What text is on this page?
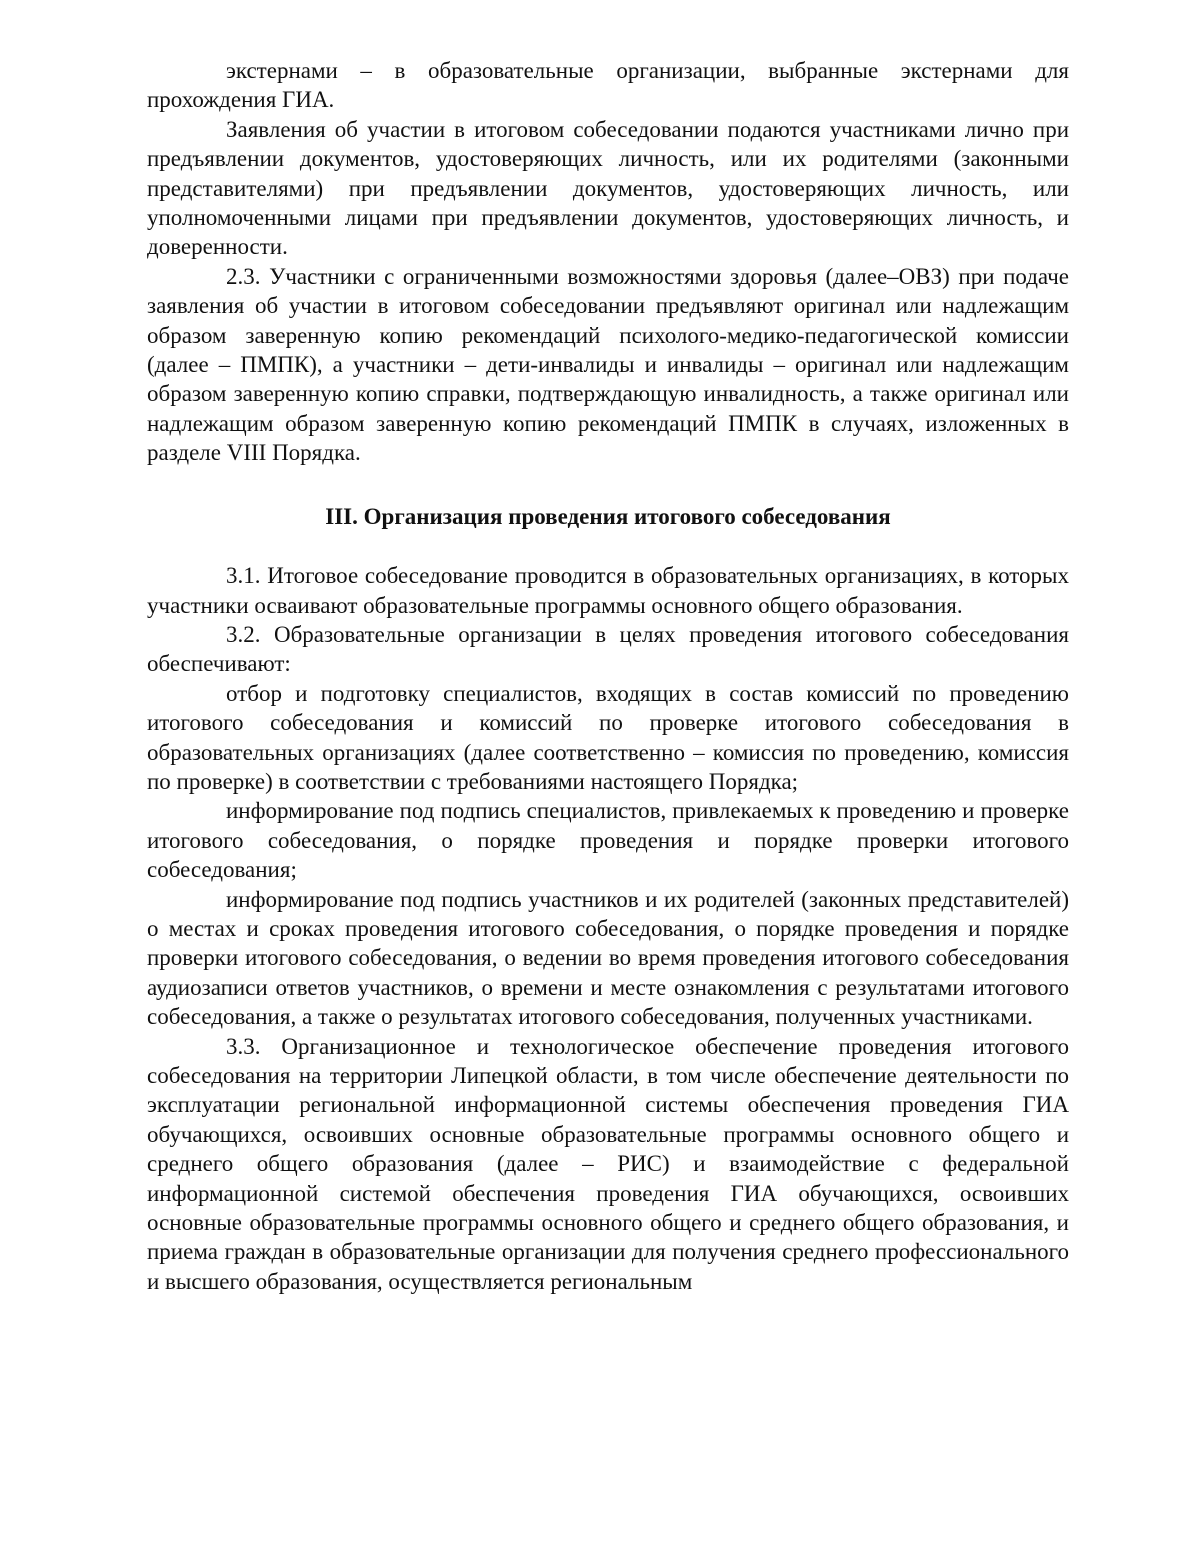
экстернами – в образовательные организации, выбранные экстернами для прохождения ГИА.

Заявления об участии в итоговом собеседовании подаются участниками лично при предъявлении документов, удостоверяющих личность, или их родителями (законными представителями) при предъявлении документов, удостоверяющих личность, или уполномоченными лицами при предъявлении документов, удостоверяющих личность, и доверенности.

2.3. Участники с ограниченными возможностями здоровья (далее–ОВЗ) при подаче заявления об участии в итоговом собеседовании предъявляют оригинал или надлежащим образом заверенную копию рекомендаций психолого-медико-педагогической комиссии (далее – ПМПК), а участники – дети-инвалиды и инвалиды – оригинал или надлежащим образом заверенную копию справки, подтверждающую инвалидность, а также оригинал или надлежащим образом заверенную копию рекомендаций ПМПК в случаях, изложенных в разделе VIII Порядка.

III. Организация проведения итогового собеседования

3.1. Итоговое собеседование проводится в образовательных организациях, в которых участники осваивают образовательные программы основного общего образования.

3.2. Образовательные организации в целях проведения итогового собеседования обеспечивают:

отбор и подготовку специалистов, входящих в состав комиссий по проведению итогового собеседования и комиссий по проверке итогового собеседования в образовательных организациях (далее соответственно – комиссия по проведению, комиссия по проверке) в соответствии с требованиями настоящего Порядка;

информирование под подпись специалистов, привлекаемых к проведению и проверке итогового собеседования, о порядке проведения и порядке проверки итогового собеседования;

информирование под подпись участников и их родителей (законных представителей) о местах и сроках проведения итогового собеседования, о порядке проведения и порядке проверки итогового собеседования, о ведении во время проведения итогового собеседования аудиозаписи ответов участников, о времени и месте ознакомления с результатами итогового собеседования, а также о результатах итогового собеседования, полученных участниками.

3.3. Организационное и технологическое обеспечение проведения итогового собеседования на территории Липецкой области, в том числе обеспечение деятельности по эксплуатации региональной информационной системы обеспечения проведения ГИА обучающихся, освоивших основные образовательные программы основного общего и среднего общего образования (далее – РИС) и взаимодействие с федеральной информационной системой обеспечения проведения ГИА обучающихся, освоивших основные образовательные программы основного общего и среднего общего образования, и приема граждан в образовательные организации для получения среднего профессионального и высшего образования, осуществляется региональным
